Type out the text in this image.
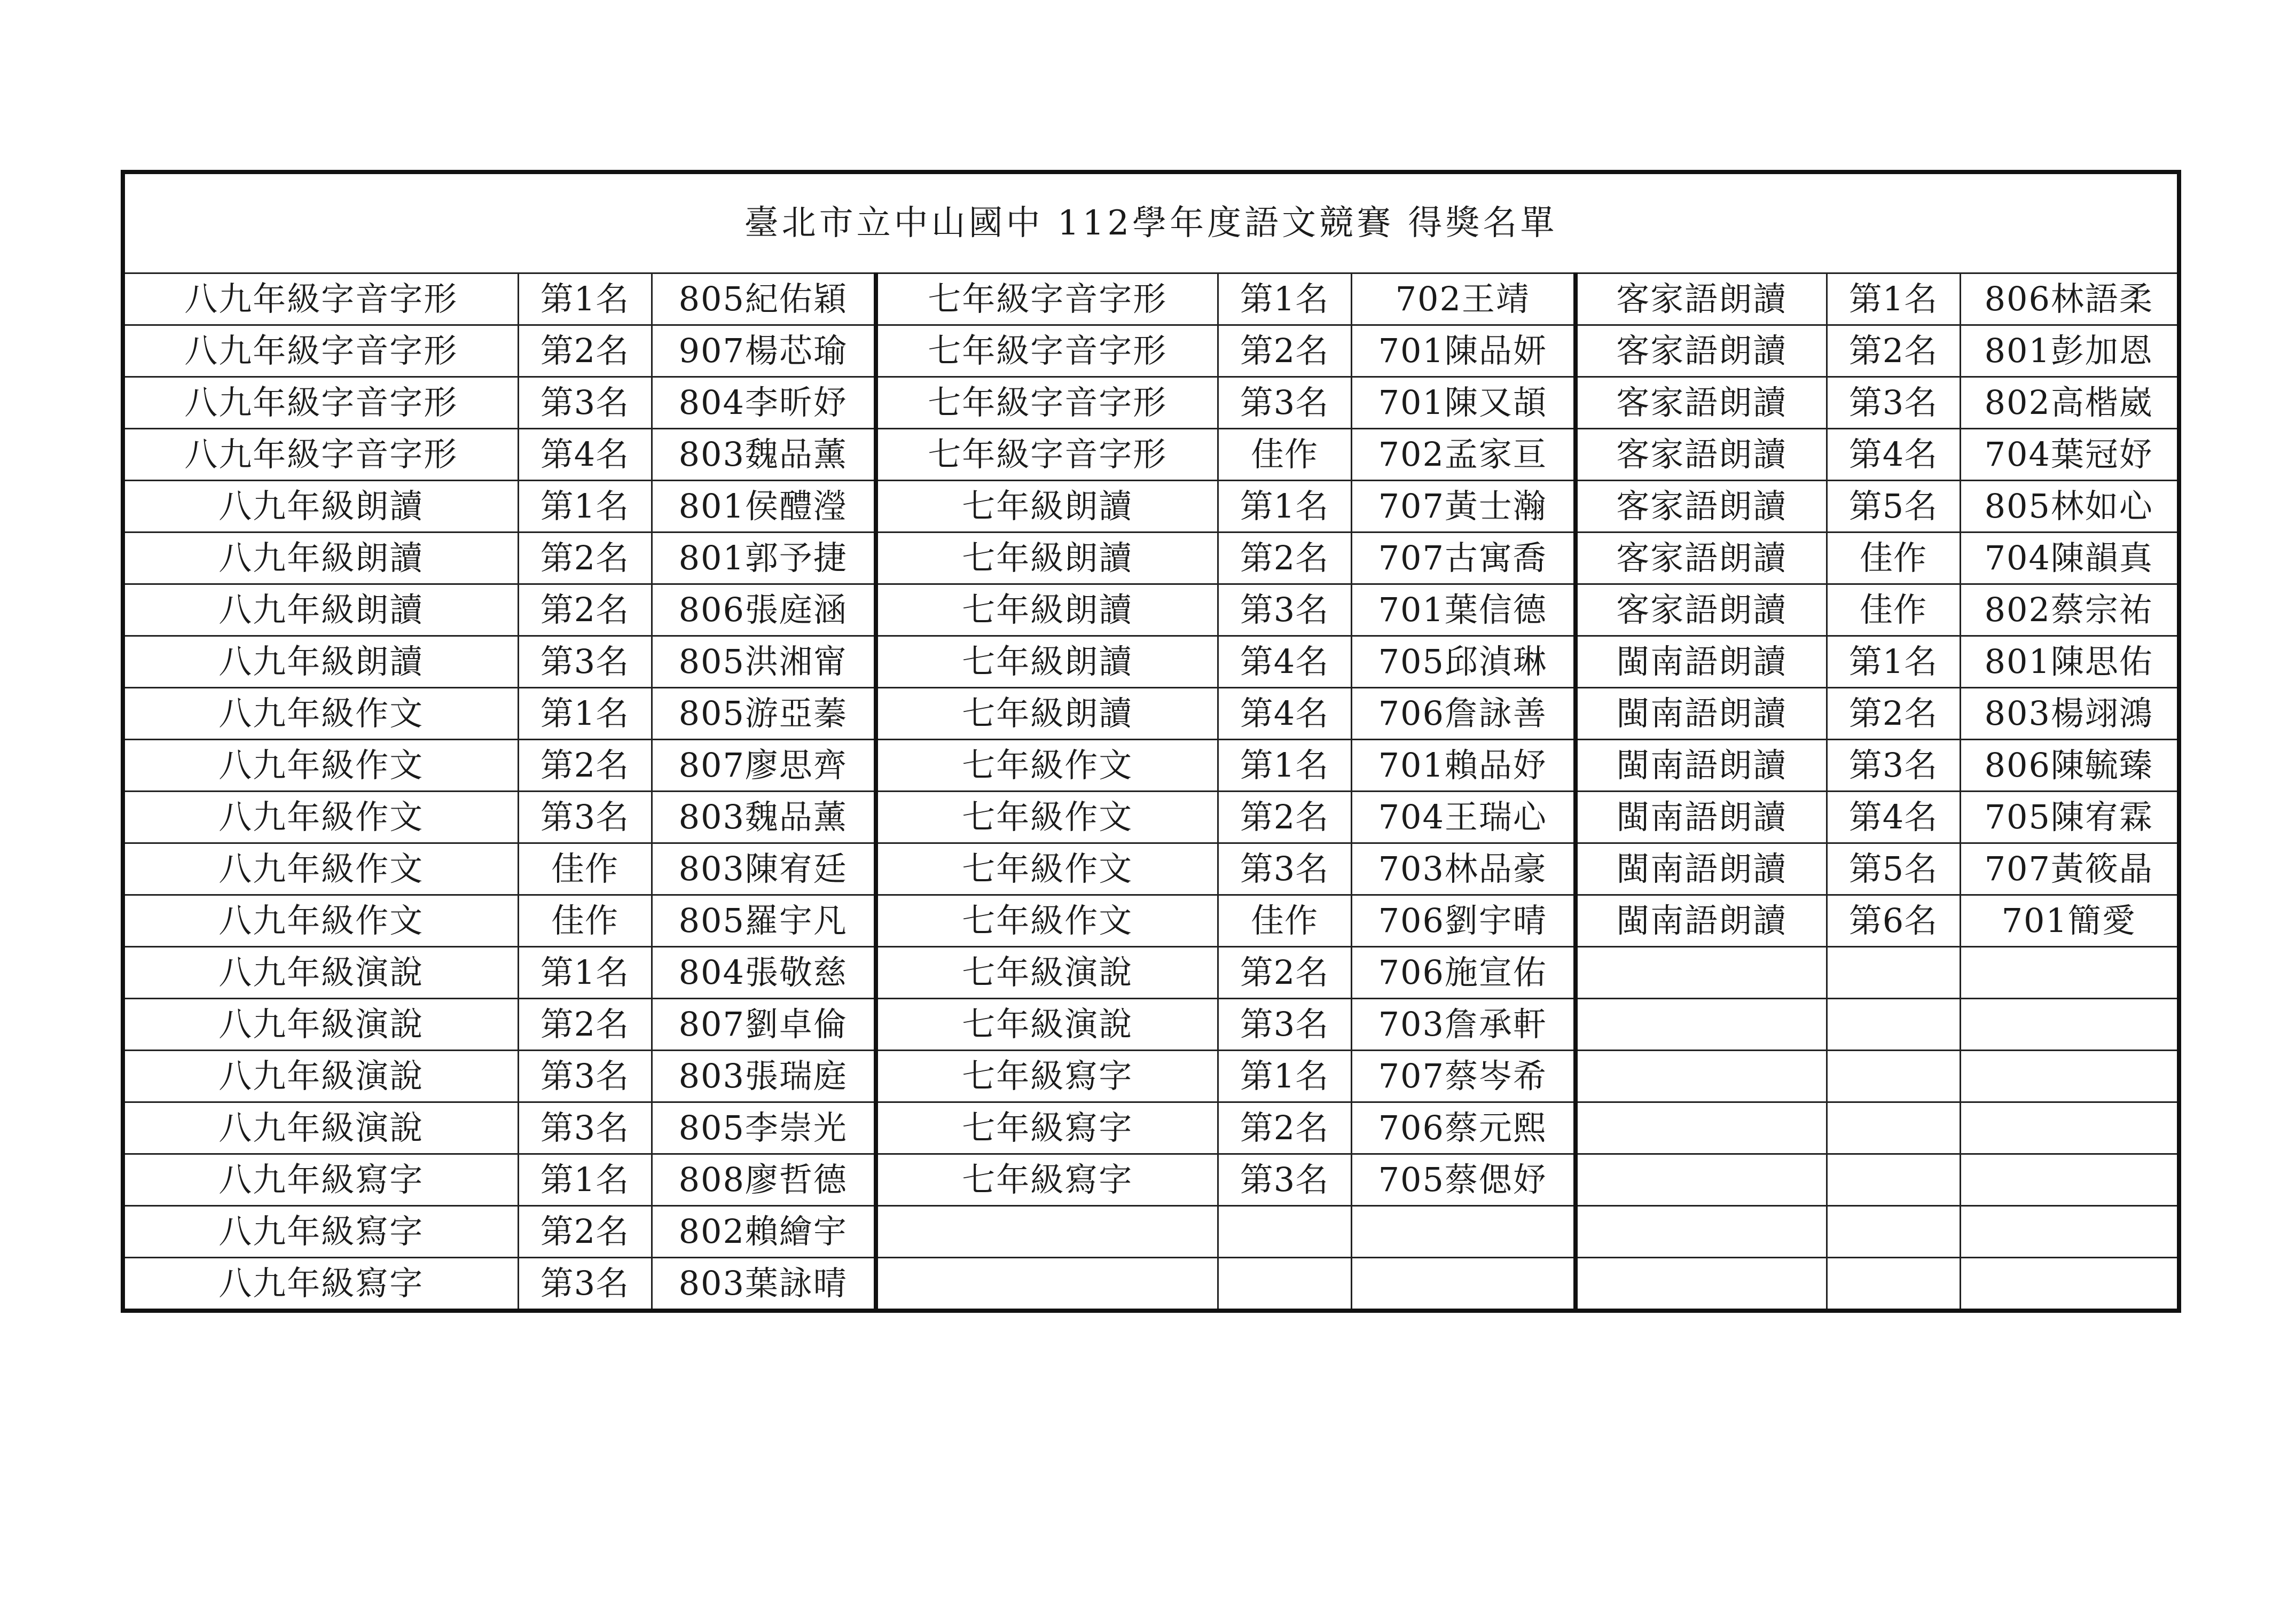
臺北市立中山國中 112學年度語文競賽 得獎名單								
八九年級字音字形	第1名	805紀佑穎	七年級字音字形	第1名	702王靖	客家語朗讀	第1名	806林語柔
八九年級字音字形	第2名	907楊芯瑜	七年級字音字形	第2名	701陳品妍	客家語朗讀	第2名	801彭加恩
八九年級字音字形	第3名	804李昕妤	七年級字音字形	第3名	701陳又頡	客家語朗讀	第3名	802高楷崴
八九年級字音字形	第4名	803魏品薰	七年級字音字形	佳作	702孟家亘	客家語朗讀	第4名	704葉冠妤
八九年級朗讀	第1名	801侯醴瀅	七年級朗讀	第1名	707黃士瀚	客家語朗讀	第5名	805林如心
八九年級朗讀	第2名	801郭予捷	七年級朗讀	第2名	707古寓喬	客家語朗讀	佳作	704陳韻真
八九年級朗讀	第2名	806張庭涵	七年級朗讀	第3名	701葉信德	客家語朗讀	佳作	802蔡宗祐
八九年級朗讀	第3名	805洪湘甯	七年級朗讀	第4名	705邱湞琳	閩南語朗讀	第1名	801陳思佑
八九年級作文	第1名	805游亞蓁	七年級朗讀	第4名	706詹詠善	閩南語朗讀	第2名	803楊翊鴻
八九年級作文	第2名	807廖思齊	七年級作文	第1名	701賴品妤	閩南語朗讀	第3名	806陳毓臻
八九年級作文	第3名	803魏品薰	七年級作文	第2名	704王瑞心	閩南語朗讀	第4名	705陳宥霖
八九年級作文	佳作	803陳宥廷	七年級作文	第3名	703林品豪	閩南語朗讀	第5名	707黃筱晶
八九年級作文	佳作	805羅宇凡	七年級作文	佳作	706劉宇晴	閩南語朗讀	第6名	701簡愛
八九年級演說	第1名	804張敬慈	七年級演說	第2名	706施宣佑			
八九年級演說	第2名	807劉卓倫	七年級演說	第3名	703詹承軒			
八九年級演說	第3名	803張瑞庭	七年級寫字	第1名	707蔡岑希			
八九年級演說	第3名	805李崇光	七年級寫字	第2名	706蔡元熙			
八九年級寫字	第1名	808廖哲德	七年級寫字	第3名	705蔡偲妤			
八九年級寫字	第2名	802賴繪宇						
八九年級寫字	第3名	803葉詠晴						
